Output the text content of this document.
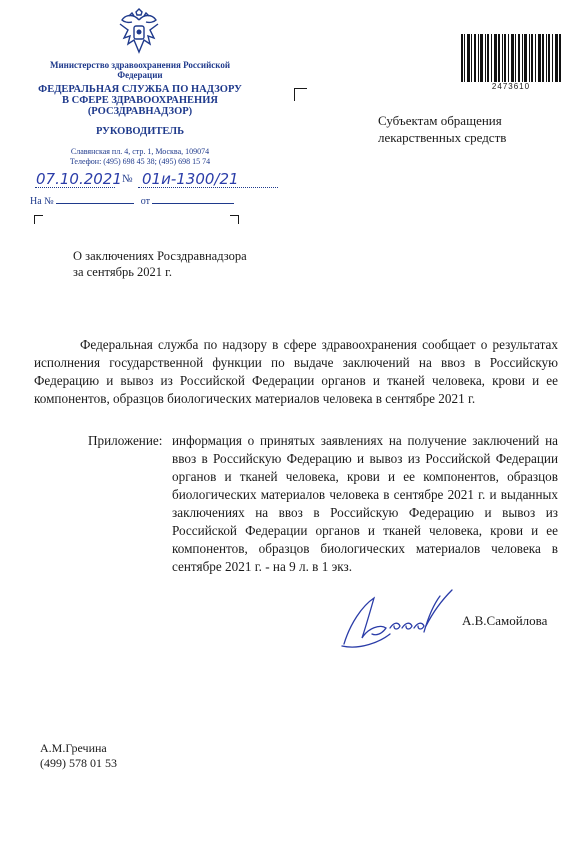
Министерство здравоохранения Российской Федерации
ФЕДЕРАЛЬНАЯ СЛУЖБА ПО НАДЗОРУ
В СФЕРЕ ЗДРАВООХРАНЕНИЯ
(РОСЗДРАВНАДЗОР)
РУКОВОДИТЕЛЬ
Славянская пл. 4, стр. 1, Москва, 109074
Телефон: (495) 698 45 38; (495) 698 15 74
07.10.2021 № 01и-1300/21
На №	от
2473610
Субъектам обращения лекарственных средств
О заключениях Росздравнадзора
за сентябрь 2021 г.
Федеральная служба по надзору в сфере здравоохранения сообщает о результатах исполнения государственной функции по выдаче заключений на ввоз в Российскую Федерацию и вывоз из Российской Федерации органов и тканей человека, крови и ее компонентов, образцов биологических материалов человека в сентябре 2021 г.
Приложение: информация о принятых заявлениях на получение заключений на ввоз в Российскую Федерацию и вывоз из Российской Федерации органов и тканей человека, крови и ее компонентов, образцов биологических материалов человека в сентябре 2021 г. и выданных заключениях на ввоз в Российскую Федерацию и вывоз из Российской Федерации органов и тканей человека, крови и ее компонентов, образцов биологических материалов человека в сентябре 2021 г. - на 9 л. в 1 экз.
А.В.Самойлова
А.М.Гречина
(499) 578 01 53
